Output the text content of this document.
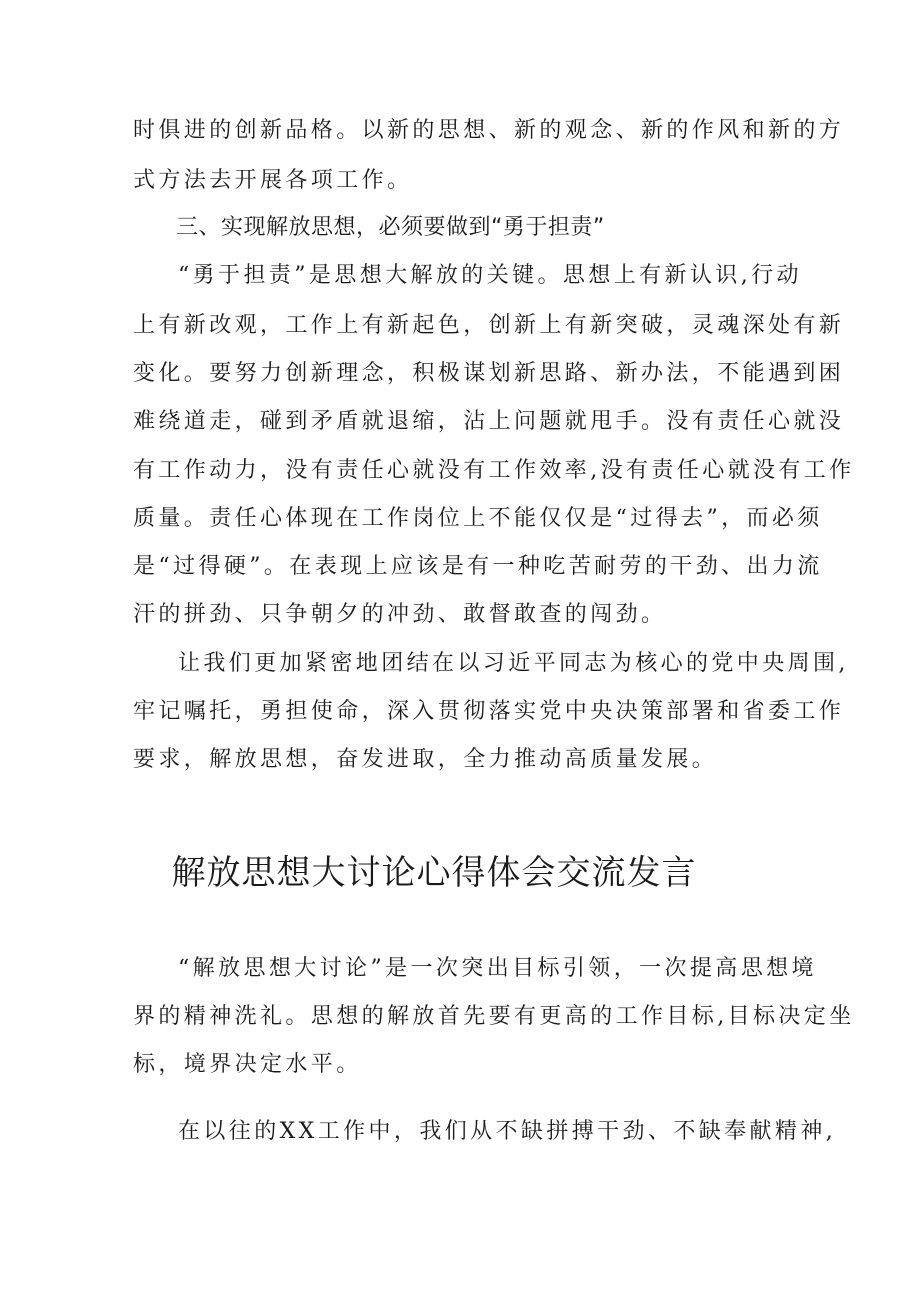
时俱进的创新品格。以新的思想、新的观念、新的作风和新的方
式方法去开展各项工作。
三、实现解放思想，必须要做到“勇于担责”
“勇于担责”是思想大解放的关键。思想上有新认识,行动
上有新改观，工作上有新起色，创新上有新突破，灵魂深处有新
变化。要努力创新理念，积极谋划新思路、新办法，不能遇到困
难绕道走，碰到矛盾就退缩，沾上问题就甩手。没有责任心就没
有工作动力，没有责任心就没有工作效率,没有责任心就没有工作
质量。责任心体现在工作岗位上不能仅仅是“过得去”，而必须
是“过得硬”。在表现上应该是有一种吃苦耐劳的干劲、出力流
汗的拼劲、只争朝夕的冲劲、敢督敢查的闯劲。
让我们更加紧密地团结在以习近平同志为核心的党中央周围,
牢记嘱托，勇担使命，深入贯彻落实党中央决策部署和省委工作
要求，解放思想，奋发进取，全力推动高质量发展。
解放思想大讨论心得体会交流发言
“解放思想大讨论”是一次突出目标引领，一次提高思想境
界的精神洗礼。思想的解放首先要有更高的工作目标,目标决定坐
标，境界决定水平。
在以往的XX工作中，我们从不缺拼搏干劲、不缺奉献精神,
